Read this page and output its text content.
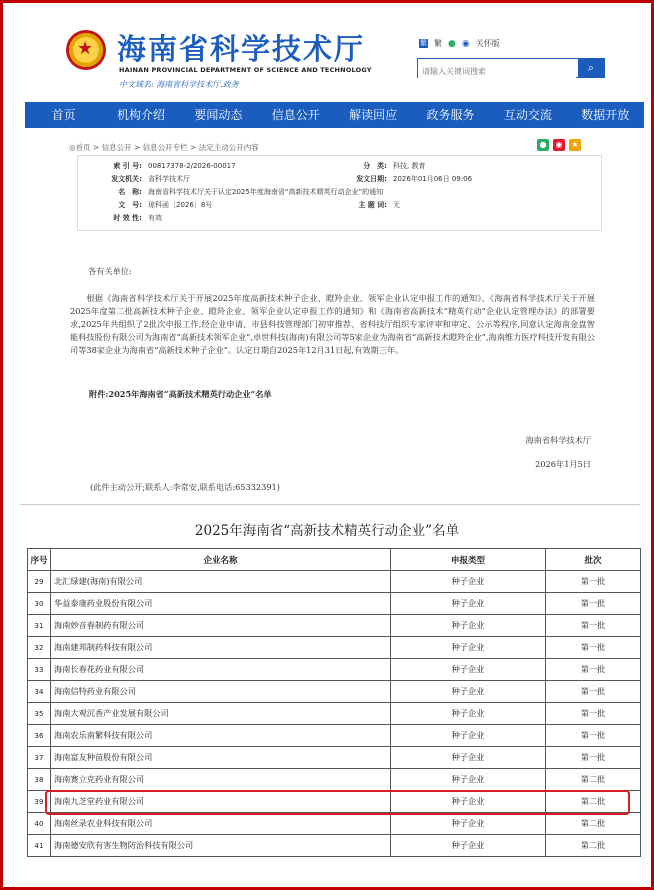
★
海南省科学技术厅
HAINAN PROVINCIAL DEPARTMENT OF SCIENCE AND TECHNOLOGY
中文域名: 海南省科学技术厅.政务
繁 繁 ● ◉ 关怀版
请输入关键词搜索
⌕
首页	机构介绍	要闻动态	信息公开	解读回应	政务服务	互动交流	数据开放
◎首页 > 信息公开 > 信息公开专栏 > 法定主动公开内容	●	◉	★
索 引 号: 00817378-2/2026-00017	分　类: 科技, 教育
发文机关: 省科学技术厅	发文日期: 2026年01月06日 09:06
名　称: 海南省科学技术厅关于认定2025年度海南省“高新技术精英行动企业”的通知
文　号: 琼科函〔2026〕8号	主 题 词: 无
时 效 性: 有效
各有关单位:
根据《海南省科学技术厅关于开展2025年度高新技术种子企业、瞪羚企业、领军企业认定申报工作的通知》、《海南省科学技术厅关于开展2025年度第二批高新技术种子企业、瞪羚企业、领军企业认定申报工作的通知》和《海南省高新技术“精英行动”企业认定管理办法》的部署要求,2025年共组织了2批次申报工作,经企业申请、市县科技管理部门初审推荐、省科技厅组织专家评审和审定、公示等程序,同意认定海南金盘智能科技股份有限公司为海南省“高新技术领军企业”,卓世科技(海南)有限公司等5家企业为海南省“高新技术瞪羚企业”,海南维力医疗科技开发有限公司等38家企业为海南省“高新技术种子企业”。认定日期自2025年12月31日起,有效期三年。
附件:2025年海南省“高新技术精英行动企业”名单
海南省科学技术厅
2026年1月5日
(此件主动公开;联系人:李常安,联系电话:65332391)
2025年海南省“高新技术精英行动企业”名单
序号	企业名称	申报类型	批次
29	北汇绿建(海南)有限公司	种子企业	第一批
30	华益泰康药业股份有限公司	种子企业	第一批
31	海南妙音春制药有限公司	种子企业	第一批
32	海南建邦制药科技有限公司	种子企业	第一批
33	海南长春花药业有限公司	种子企业	第一批
34	海南信特药业有限公司	种子企业	第一批
35	海南大观沉香产业发展有限公司	种子企业	第一批
36	海南农乐南繁科技有限公司	种子企业	第一批
37	海南富友种苗股份有限公司	种子企业	第一批
38	海南赛立克药业有限公司	种子企业	第二批
39	海南九芝堂药业有限公司	种子企业	第二批
40	海南丝录农业科技有限公司	种子企业	第二批
41	海南德安欣有害生物防治科技有限公司	种子企业	第二批
